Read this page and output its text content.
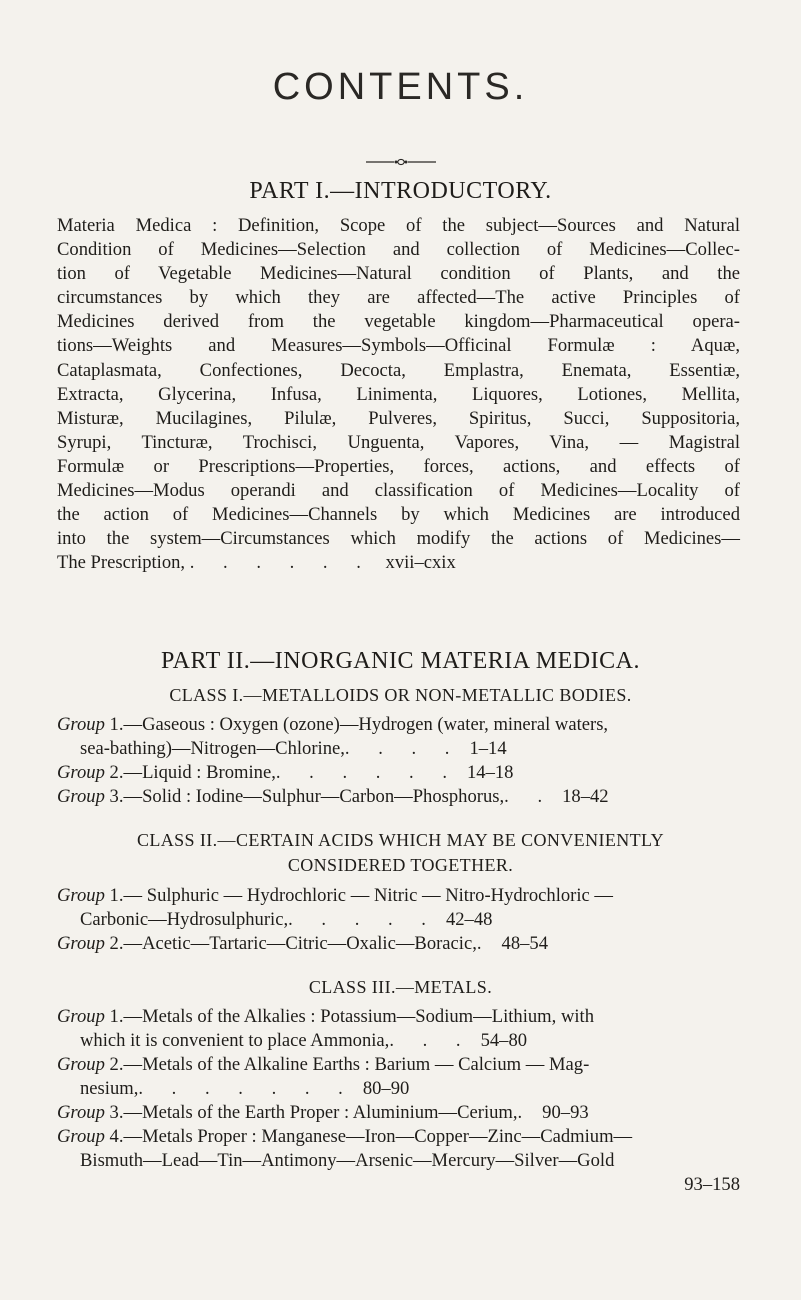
CONTENTS.
PART I.—INTRODUCTORY.
Materia Medica : Definition, Scope of the subject—Sources and Natural
Condition of Medicines—Selection and collection of Medicines—Collec-
tion of Vegetable Medicines—Natural condition of Plants, and the
circumstances by which they are affected—The active Principles of
Medicines derived from the vegetable kingdom—Pharmaceutical opera-
tions—Weights and Measures—Symbols—Officinal Formulæ : Aquæ,
Cataplasmata, Confectiones, Decocta, Emplastra, Enemata, Essentiæ,
Extracta, Glycerina, Infusa, Linimenta, Liquores, Lotiones, Mellita,
Misturæ, Mucilagines, Pilulæ, Pulveres, Spiritus, Succi, Suppositoria,
Syrupi, Tincturæ, Trochisci, Unguenta, Vapores, Vina, — Magistral
Formulæ or Prescriptions—Properties, forces, actions, and effects of
Medicines—Modus operandi and classification of Medicines—Locality of
the action of Medicines—Channels by which Medicines are introduced
into the system—Circumstances which modify the actions of Medicines—
The Prescription, . . . . . . xvii–cxix
PART II.—INORGANIC MATERIA MEDICA.
CLASS I.—METALLOIDS OR NON-METALLIC BODIES.
Group 1.—Gaseous : Oxygen (ozone)—Hydrogen (water, mineral waters,
sea-bathing)—Nitrogen—Chlorine,. . . . 1–14
Group 2.—Liquid : Bromine,. . . . . . 14–18
Group 3.—Solid : Iodine—Sulphur—Carbon—Phosphorus,. . 18–42
CLASS II.—CERTAIN ACIDS WHICH MAY BE CONVENIENTLY
CONSIDERED TOGETHER.
Group 1.— Sulphuric — Hydrochloric — Nitric — Nitro-Hydrochloric —
Carbonic—Hydrosulphuric,. . . . . 42–48
Group 2.—Acetic—Tartaric—Citric—Oxalic—Boracic,. 48–54
CLASS III.—METALS.
Group 1.—Metals of the Alkalies : Potassium—Sodium—Lithium, with
which it is convenient to place Ammonia,. . . 54–80
Group 2.—Metals of the Alkaline Earths : Barium — Calcium — Mag-
nesium,. . . . . . . 80–90
Group 3.—Metals of the Earth Proper : Aluminium—Cerium,. 90–93
Group 4.—Metals Proper : Manganese—Iron—Copper—Zinc—Cadmium—
Bismuth—Lead—Tin—Antimony—Arsenic—Mercury—Silver—Gold
93–158
